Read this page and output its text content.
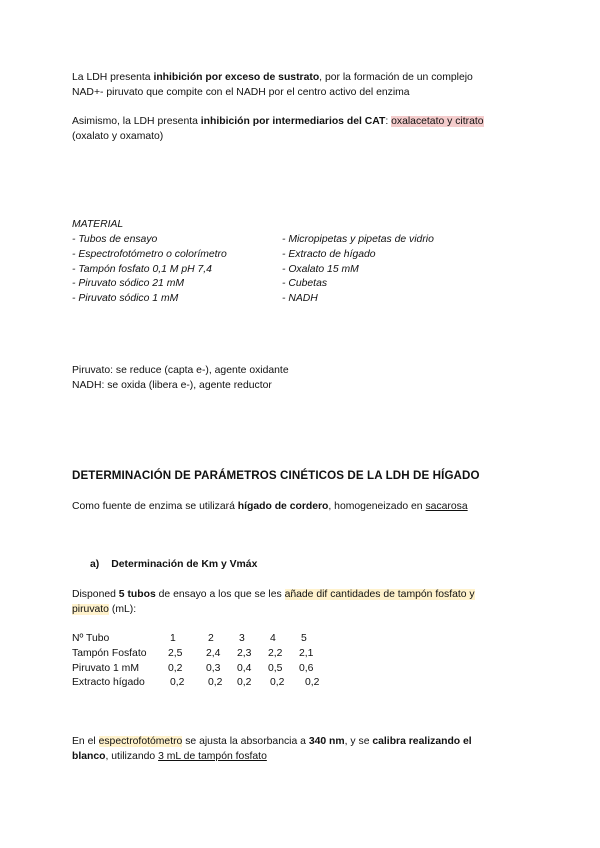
La LDH presenta inhibición por exceso de sustrato, por la formación de un complejo

NAD+- piruvato que compite con el NADH por el centro activo del enzima

Asimismo, la LDH presenta inhibición por intermediarios del CAT: oxalacetato y citrato

(oxalato y oxamato)

MATERIAL

- Tubos de ensayo

- Espectrofotómetro o colorímetro

- Tampón fosfato 0,1 M pH 7,4

- Piruvato sódico 21 mM

- Piruvato sódico 1 mM

- Micropipetas y pipetas de vidrio

- Extracto de hígado

- Oxalato 15 mM

- Cubetas

- NADH

Piruvato: se reduce (capta e-), agente oxidante

NADH: se oxida (libera e-), agente reductor

DETERMINACIÓN DE PARÁMETROS CINÉTICOS DE LA LDH DE HÍGADO

Como fuente de enzima se utilizará hígado de cordero, homogeneizado en sacarosa

a) Determinación de Km y Vmáx

Disponed 5 tubos de ensayo a los que se les añade dif cantidades de tampón fosfato y

piruvato (mL):

Nº Tubo	1	2	3	4	5
Tampón Fosfato	2,5	2,4	2,3	2,2	2,1
Piruvato 1 mM	0,2	0,3	0,4	0,5	0,6
Extracto hígado	0,2	0,2	0,2	0,2	0,2

En el espectrofotómetro se ajusta la absorbancia a 340 nm, y se calibra realizando el

blanco, utilizando 3 mL de tampón fosfato
